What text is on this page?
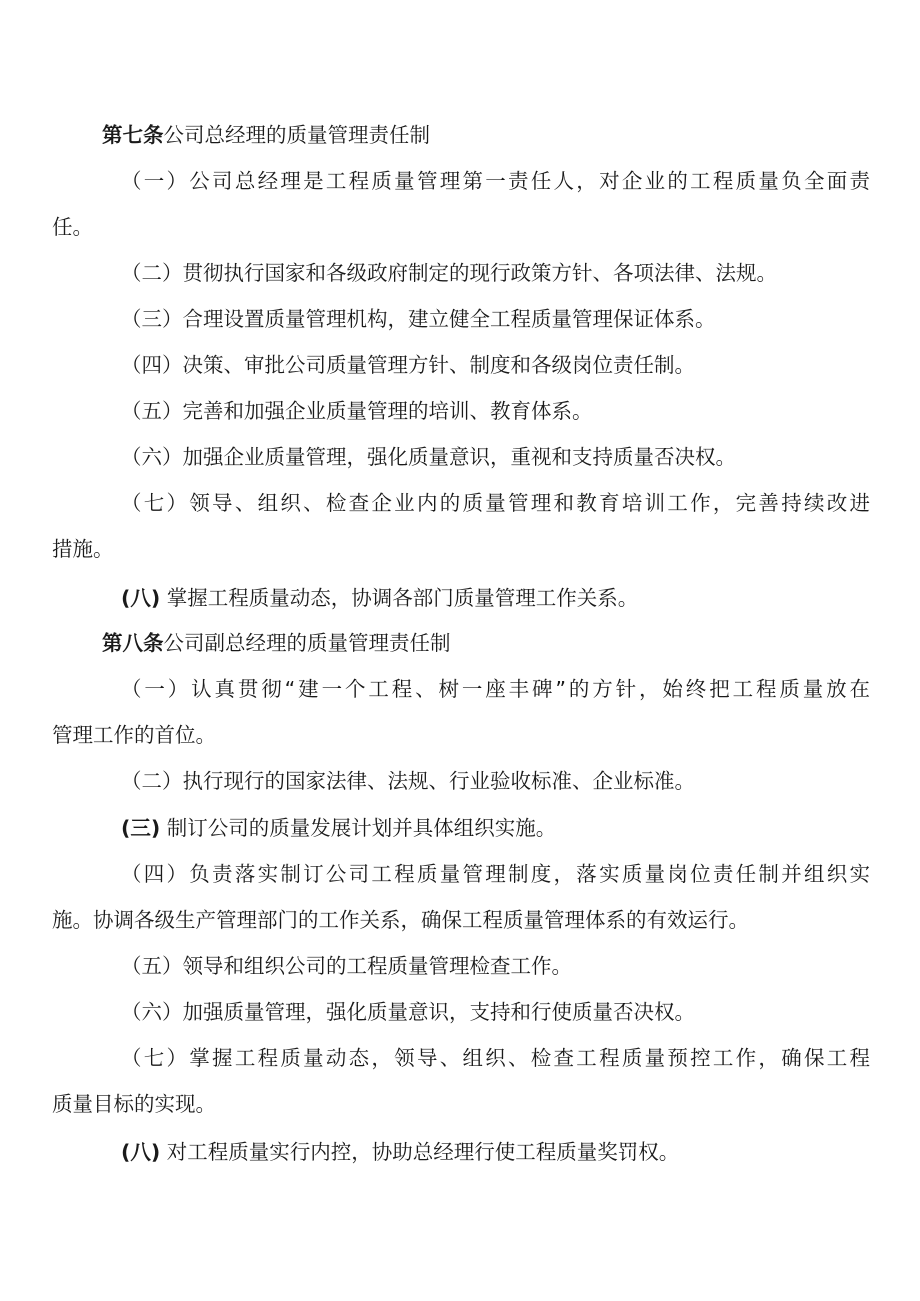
第七条公司总经理的质量管理责任制
（一）公司总经理是工程质量管理第一责任人，对企业的工程质量负全面责
任。
（二）贯彻执行国家和各级政府制定的现行政策方针、各项法律、法规。
（三）合理设置质量管理机构，建立健全工程质量管理保证体系。
（四）决策、审批公司质量管理方针、制度和各级岗位责任制。
（五）完善和加强企业质量管理的培训、教育体系。
（六）加强企业质量管理，强化质量意识，重视和支持质量否决权。
（七）领导、组织、检查企业内的质量管理和教育培训工作，完善持续改进
措施。
(八) 掌握工程质量动态，协调各部门质量管理工作关系。
第八条公司副总经理的质量管理责任制
（一）认真贯彻“建一个工程、树一座丰碑”的方针，始终把工程质量放在
管理工作的首位。
（二）执行现行的国家法律、法规、行业验收标准、企业标准。
(三) 制订公司的质量发展计划并具体组织实施。
（四）负责落实制订公司工程质量管理制度，落实质量岗位责任制并组织实
施。协调各级生产管理部门的工作关系，确保工程质量管理体系的有效运行。
（五）领导和组织公司的工程质量管理检查工作。
（六）加强质量管理，强化质量意识，支持和行使质量否决权。
（七）掌握工程质量动态，领导、组织、检查工程质量预控工作，确保工程
质量目标的实现。
(八) 对工程质量实行内控，协助总经理行使工程质量奖罚权。
